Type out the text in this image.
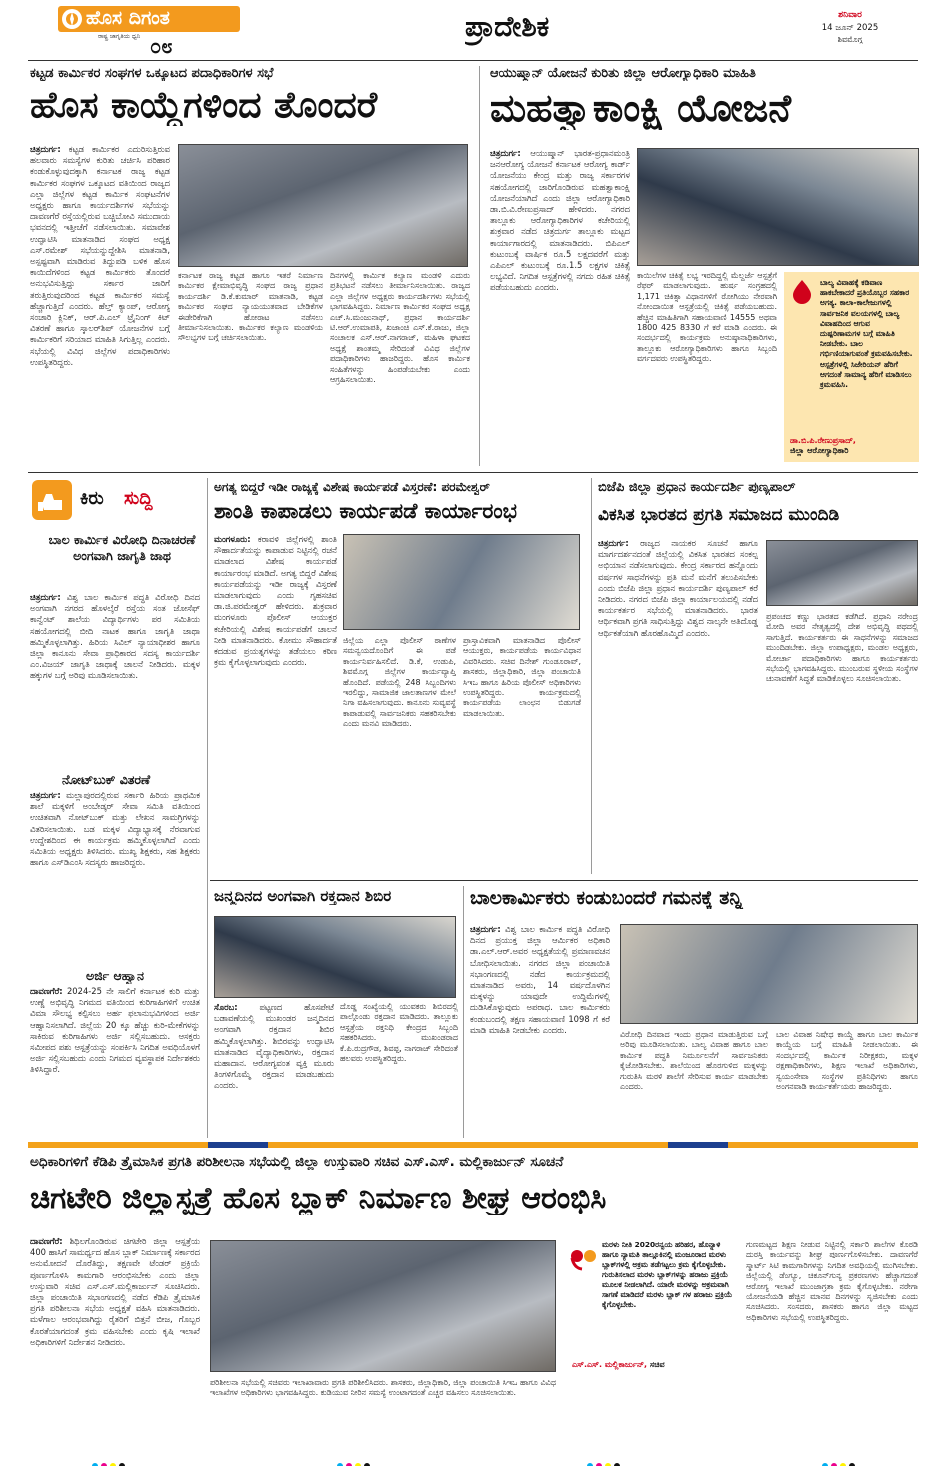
ಹೊಸ ದಿಗಂತ
ರಾಷ್ಟ್ರ ಜಾಗೃತಿಯ ಧ್ವನಿ ೦೮
ಪ್ರಾದೇಶಿಕ	ಶನಿವಾರ
14 ಜೂನ್ 2025
ಶಿವಮೊಗ್ಗ
ಕಟ್ಟಡ ಕಾರ್ಮಿಕರ ಸಂಘಗಳ ಒಕ್ಕೂಟದ ಪದಾಧಿಕಾರಿಗಳ ಸಭೆ
ಹೊಸ ಕಾಯ್ದೆಗಳಿಂದ ತೊಂದರೆ

ಚಿತ್ರದುರ್ಗ: ಕಟ್ಟಡ ಕಾರ್ಮಿಕರ ಎದುರಿಸುತ್ತಿರುವ ಹಲವಾರು ಸಮಸ್ಯೆಗಳ ಕುರಿತು ಚರ್ಚಿಸಿ ಪರಿಹಾರ ಕಂಡುಕೊಳ್ಳುವುದಕ್ಕಾಗಿ ಕರ್ನಾಟಕ ರಾಜ್ಯ ಕಟ್ಟಡ ಕಾರ್ಮಿಕರ ಸಂಘಗಳ ಒಕ್ಕೂಟದ ವತಿಯಿಂದ ರಾಜ್ಯದ ಎಲ್ಲಾ ಜಿಲ್ಲೆಗಳ ಕಟ್ಟಡ ಕಾರ್ಮಿಕ ಸಂಘಟನೆಗಳ ಅಧ್ಯಕ್ಷರು ಹಾಗೂ ಕಾರ್ಯದರ್ಶಿಗಳ ಸಭೆಯನ್ನು ದಾವಣಗೆರೆ ರಸ್ತೆಯಲ್ಲಿರುವ ಬಚ್ಚಿಬೋವಿ ಸಮುದಾಯ ಭವನದಲ್ಲಿ ಇತ್ತೀಚೆಗೆ ನಡೆಸಲಾಯಿತು. ಸಮಾವೇಶ ಉದ್ಘಾಟಿಸಿ ಮಾತನಾಡಿದ ಸಂಘದ ಅಧ್ಯಕ್ಷ ಎಸ್.ರಮೇಶ್ ಸಭೆಯನ್ನುದ್ದೇಶಿಸಿ ಮಾತನಾಡಿ, ಅಸ್ಪಷ್ಟವಾಗಿ ಮಾಡಿರುವ ತಿದ್ದುಪಡಿ ಬಳಿಕ ಹೊಸ ಕಾಯಿದೆಗಳಿಂದ ಕಟ್ಟಡ ಕಾರ್ಮಿಕರು ತೊಂದರೆ ಅನುಭವಿಸುತ್ತಿದ್ದು ಸರ್ಕಾರ ಜಾರಿಗೆ ತರುತ್ತಿರುವುದರಿಂದ ಕಟ್ಟಡ ಕಾರ್ಮಿಕರ ಸಮಸ್ಯೆ ಹೆಚ್ಚಾಗುತ್ತಿದೆ ಎಂದರು. ಹೆಲ್ತ್ ಕ್ಯಾಂಪ್, ಆರೋಗ್ಯ ಸಂಚಾರಿ ಕ್ಲಿನಿಕ್, ಆರ್.ಪಿ.ಎಲ್ ಟ್ರೈನಿಂಗ್ ಕಿಟ್ ವಿತರಣೆ ಹಾಗೂ ಸ್ಕಾಲರ್‌ಶಿಪ್ ಯೋಜನೆಗಳ ಬಗ್ಗೆ ಕಾರ್ಮಿಕರಿಗೆ ಸರಿಯಾದ ಮಾಹಿತಿ ಸಿಗುತ್ತಿಲ್ಲ ಎಂದರು. ಸಭೆಯಲ್ಲಿ ವಿವಿಧ ಜಿಲ್ಲೆಗಳ ಪದಾಧಿಕಾರಿಗಳು ಉಪಸ್ಥಿತರಿದ್ದರು.

ಕರ್ನಾಟಕ ರಾಜ್ಯ ಕಟ್ಟಡ ಹಾಗೂ ಇತರೆ ನಿರ್ಮಾಣ ಕಾರ್ಮಿಕರ ಕ್ಷೇಮಾಭಿವೃದ್ಧಿ ಸಂಘದ ರಾಜ್ಯ ಪ್ರಧಾನ ಕಾರ್ಯದರ್ಶಿ ಡಿ.ಕೆ.ಕುಮಾರ್ ಮಾತನಾಡಿ, ಕಟ್ಟಡ ಕಾರ್ಮಿಕರ ಸಂಘದ ನ್ಯಾಯಯುತವಾದ ಬೇಡಿಕೆಗಳ ಈಡೇರಿಕೆಗಾಗಿ ಹೋರಾಟ ನಡೆಸಲು ತೀರ್ಮಾನಿಸಲಾಯಿತು. ಕಾರ್ಮಿಕರ ಕಲ್ಯಾಣ ಮಂಡಳಿಯ ಸೌಲಭ್ಯಗಳ ಬಗ್ಗೆ ಚರ್ಚಿಸಲಾಯಿತು.
ದಿನಗಳಲ್ಲಿ ಕಾರ್ಮಿಕ ಕಲ್ಯಾಣ ಮಂಡಳಿ ಎದುರು ಪ್ರತಿಭಟನೆ ನಡೆಸಲು ತೀರ್ಮಾನಿಸಲಾಯಿತು. ರಾಜ್ಯದ ಎಲ್ಲಾ ಜಿಲ್ಲೆಗಳ ಅಧ್ಯಕ್ಷರು ಕಾರ್ಯದರ್ಶಿಗಳು ಸಭೆಯಲ್ಲಿ ಭಾಗವಹಿಸಿದ್ದರು. ನಿರ್ಮಾಣ ಕಾರ್ಮಿಕರ ಸಂಘದ ಅಧ್ಯಕ್ಷ ಎಚ್.ಸಿ.ಮಂಜುನಾಥ್, ಪ್ರಧಾನ ಕಾರ್ಯದರ್ಶಿ ಟಿ.ಆರ್.ಉಮಾಪತಿ, ಖಜಾಂಚಿ ಎಸ್.ಕೆ.ರಾಜು, ಜಿಲ್ಲಾ ಸಂಚಾಲಕ ಎಸ್.ಆರ್.ನಾಗರಾಜ್, ಮಹಿಳಾ ಘಟಕದ ಅಧ್ಯಕ್ಷೆ ಶಾಂತಮ್ಮ ಸೇರಿದಂತೆ ವಿವಿಧ ಜಿಲ್ಲೆಗಳ ಪದಾಧಿಕಾರಿಗಳು ಹಾಜರಿದ್ದರು. ಹೊಸ ಕಾರ್ಮಿಕ ಸಂಹಿತೆಗಳನ್ನು ಹಿಂಪಡೆಯಬೇಕು ಎಂದು ಆಗ್ರಹಿಸಲಾಯಿತು.
ಆಯುಷ್ಮಾನ್ ಯೋಜನೆ ಕುರಿತು ಜಿಲ್ಲಾ ಆರೋಗ್ಯಾಧಿಕಾರಿ ಮಾಹಿತಿ
ಮಹತ್ವಾಕಾಂಕ್ಷಿ ಯೋಜನೆ

ಚಿತ್ರದುರ್ಗ: ಆಯುಷ್ಮಾನ್ ಭಾರತ-ಪ್ರಧಾನಮಂತ್ರಿ ಜನಆರೋಗ್ಯ ಯೋಜನೆ ಕರ್ನಾಟಕ ಆರೋಗ್ಯ ಕಾರ್ಡ್ ಯೋಜನೆಯು ಕೇಂದ್ರ ಮತ್ತು ರಾಜ್ಯ ಸರ್ಕಾರಗಳ ಸಹಯೋಗದಲ್ಲಿ ಜಾರಿಗೊಂಡಿರುವ ಮಹತ್ವಾಕಾಂಕ್ಷಿ ಯೋಜನೆಯಾಗಿದೆ ಎಂದು ಜಿಲ್ಲಾ ಆರೋಗ್ಯಾಧಿಕಾರಿ ಡಾ.ಬಿ.ವಿ.ರೇಣುಪ್ರಸಾದ್ ಹೇಳಿದರು. ನಗರದ ತಾಲ್ಲೂಕು ಆರೋಗ್ಯಾಧಿಕಾರಿಗಳ ಕಚೇರಿಯಲ್ಲಿ ಶುಕ್ರವಾರ ನಡೆದ ಚಿತ್ರದುರ್ಗ ತಾಲ್ಲೂಕು ಮಟ್ಟದ ಕಾರ್ಯಾಗಾರದಲ್ಲಿ ಮಾತನಾಡಿದರು. ಬಿಪಿಎಲ್ ಕುಟುಂಬಕ್ಕೆ ವಾರ್ಷಿಕ ರೂ.5 ಲಕ್ಷದವರೆಗೆ ಮತ್ತು ಎಪಿಎಲ್ ಕುಟುಂಬಕ್ಕೆ ರೂ.1.5 ಲಕ್ಷಗಳ ಚಿಕಿತ್ಸೆ ಲಭ್ಯವಿದೆ. ನಿಗದಿತ ಆಸ್ಪತ್ರೆಗಳಲ್ಲಿ ನಗದು ರಹಿತ ಚಿಕಿತ್ಸೆ ಪಡೆಯಬಹುದು ಎಂದರು.

ಕಾಯಿಲೆಗಳ ಚಿಕಿತ್ಸೆ ಲಭ್ಯ ಇರದಿದ್ದಲ್ಲಿ ಮೆಲ್ದರ್ಜೆ ಆಸ್ಪತ್ರೆಗೆ ರೆಫರ್ ಮಾಡಲಾಗುವುದು. ಹುರ್ಷ ಸಂಗ್ರಹದಲ್ಲಿ 1,171 ಚಿಕಿತ್ಸಾ ವಿಧಾನಗಳಿಗೆ ರೋಗಿಯು ನೇರವಾಗಿ ನೋಂದಾಯಿತ ಆಸ್ಪತ್ರೆಯಲ್ಲಿ ಚಿಕಿತ್ಸೆ ಪಡೆಯಬಹುದು. ಹೆಚ್ಚಿನ ಮಾಹಿತಿಗಾಗಿ ಸಹಾಯವಾಣಿ 14555 ಅಥವಾ 1800 425 8330 ಗೆ ಕರೆ ಮಾಡಿ ಎಂದರು. ಈ ಸಂದರ್ಭದಲ್ಲಿ ಕಾರ್ಯಕ್ರಮ ಅನುಷ್ಠಾನಾಧಿಕಾರಿಗಳು, ತಾಲ್ಲೂಕು ಆರೋಗ್ಯಾಧಿಕಾರಿಗಳು ಹಾಗೂ ಸಿಬ್ಬಂದಿ ವರ್ಗದವರು ಉಪಸ್ಥಿತರಿದ್ದರು.
ಬಾಲ್ಯ ವಿವಾಹಕ್ಕೆ ಕಡಿವಾಣ ಹಾಕಬೇಕಾದರೆ ಪ್ರತಿಯೊಬ್ಬರ ಸಹಕಾರ ಅಗತ್ಯ. ಕಾಲಾ-ಕಾಲೇಜುಗಳಲ್ಲಿ ಸಾರ್ವಜನಿಕ ವಲಯಗಳಲ್ಲಿ ಬಾಲ್ಯ ವಿವಾಹದಿಂದ ಆಗುವ ದುಷ್ಪರಿಣಾಮಗಳ ಬಗ್ಗೆ ಮಾಹಿತಿ ನೀಡಬೇಕು. ಬಾಲ ಗರ್ಭಿಣಿಯಾಗುವಂತೆ ಕ್ರಮವಹಿಸಬೇಕು. ಆಸ್ಪತ್ರೆಗಳಲ್ಲಿ ಸಿಜೇರಿಯನ್ ಹೆರಿಗೆ ಆಗದಂತೆ ಸಾಮಾನ್ಯ ಹೆರಿಗೆ ಮಾಡಿಸಲು ಕ್ರಮವಹಿಸಿ.
ಡಾ.ಬಿ.ಪಿ.ರೇಣುಪ್ರಸಾದ್,
ಜಿಲ್ಲಾ ಆರೋಗ್ಯಾಧಿಕಾರಿ
ಕಿರು ಸುದ್ದಿ
ಬಾಲ ಕಾರ್ಮಿಕ ವಿರೋಧಿ ದಿನಾಚರಣೆ ಅಂಗವಾಗಿ ಜಾಗೃತಿ ಜಾಥ

ಚಿತ್ರದುರ್ಗ: ವಿಶ್ವ ಬಾಲ ಕಾರ್ಮಿಕ ಪದ್ಧತಿ ವಿರೋಧಿ ದಿನದ ಅಂಗವಾಗಿ ನಗರದ ಹೊಳಲ್ಕೆರೆ ರಸ್ತೆಯ ಸಂತ ಜೋಸೆಫ್ ಕಾನ್ವೆಂಟ್ ಶಾಲೆಯ ವಿದ್ಯಾರ್ಥಿಗಳು ಪರ ಸಮಿತಿಯ ಸಹಯೋಗದಲ್ಲಿ ಬೀದಿ ನಾಟಕ ಹಾಗೂ ಜಾಗೃತಿ ಜಾಥಾ ಹಮ್ಮಿಕೊಳ್ಳಲಾಗಿತ್ತು. ಹಿರಿಯ ಸಿವಿಲ್ ನ್ಯಾಯಾಧೀಶರ ಹಾಗೂ ಜಿಲ್ಲಾ ಕಾನೂನು ಸೇವಾ ಪ್ರಾಧಿಕಾರದ ಸದಸ್ಯ ಕಾರ್ಯದರ್ಶಿ ಎಂ.ವಿಜಯ್ ಜಾಗೃತಿ ಜಾಥಾಕ್ಕೆ ಚಾಲನೆ ನೀಡಿದರು. ಮಕ್ಕಳ ಹಕ್ಕುಗಳ ಬಗ್ಗೆ ಅರಿವು ಮೂಡಿಸಲಾಯಿತು.

ನೋಟ್‌ಬುಕ್ ವಿತರಣೆ

ಚಿತ್ರದುರ್ಗ: ಮಲ್ಲಾಪುರದಲ್ಲಿರುವ ಸರ್ಕಾರಿ ಹಿರಿಯ ಪ್ರಾಥಮಿಕ ಶಾಲೆ ಮಕ್ಕಳಿಗೆ ಅಂಬೇಡ್ಕರ್ ಸೇವಾ ಸಮಿತಿ ವತಿಯಿಂದ ಉಚಿತವಾಗಿ ನೋಟ್‌ಬುಕ್ ಮತ್ತು ಲೇಖನ ಸಾಮಗ್ರಿಗಳನ್ನು ವಿತರಿಸಲಾಯಿತು. ಬಡ ಮಕ್ಕಳ ವಿದ್ಯಾಭ್ಯಾಸಕ್ಕೆ ನೆರವಾಗುವ ಉದ್ದೇಶದಿಂದ ಈ ಕಾರ್ಯಕ್ರಮ ಹಮ್ಮಿಕೊಳ್ಳಲಾಗಿದೆ ಎಂದು ಸಮಿತಿಯ ಅಧ್ಯಕ್ಷರು ತಿಳಿಸಿದರು. ಮುಖ್ಯ ಶಿಕ್ಷಕರು, ಸಹ ಶಿಕ್ಷಕರು ಹಾಗೂ ಎಸ್‌ಡಿಎಂಸಿ ಸದಸ್ಯರು ಹಾಜರಿದ್ದರು.

ಅರ್ಜಿ ಆಹ್ವಾನ

ದಾವಣಗೆರೆ: 2024-25 ನೇ ಸಾಲಿಗೆ ಕರ್ನಾಟಕ ಕುರಿ ಮತ್ತು ಉಣ್ಣೆ ಅಭಿವೃದ್ಧಿ ನಿಗಮದ ವತಿಯಿಂದ ಕುರಿಗಾಹಿಗಳಿಗೆ ಉಚಿತ ವಿಮಾ ಸೌಲಭ್ಯ ಕಲ್ಪಿಸಲು ಅರ್ಹ ಫಲಾನುಭವಿಗಳಿಂದ ಅರ್ಜಿ ಆಹ್ವಾನಿಸಲಾಗಿದೆ. ಜಿಲ್ಲೆಯ 20 ಕ್ಕೂ ಹೆಚ್ಚು ಕುರಿ-ಮೇಕೆಗಳನ್ನು ಸಾಕಿರುವ ಕುರಿಗಾಹಿಗಳು ಅರ್ಜಿ ಸಲ್ಲಿಸಬಹುದು. ಆಸಕ್ತರು ಸಮೀಪದ ಪಶು ಆಸ್ಪತ್ರೆಯನ್ನು ಸಂಪರ್ಕಿಸಿ ನಿಗದಿತ ಅವಧಿಯೊಳಗೆ ಅರ್ಜಿ ಸಲ್ಲಿಸಬಹುದು ಎಂದು ನಿಗಮದ ವ್ಯವಸ್ಥಾಪಕ ನಿರ್ದೇಶಕರು ತಿಳಿಸಿದ್ದಾರೆ.

ಅಗತ್ಯ ಬಿದ್ದರೆ ಇಡೀ ರಾಜ್ಯಕ್ಕೆ ವಿಶೇಷ ಕಾರ್ಯಪಡೆ ವಿಸ್ತರಣೆ: ಪರಮೇಶ್ವರ್
ಶಾಂತಿ ಕಾಪಾಡಲು ಕಾರ್ಯಪಡೆ ಕಾರ್ಯಾರಂಭ

ಮಂಗಳೂರು: ಕರಾವಳಿ ಜಿಲ್ಲೆಗಳಲ್ಲಿ ಶಾಂತಿ ಸೌಹಾರ್ದತೆಯನ್ನು ಕಾಪಾಡುವ ನಿಟ್ಟಿನಲ್ಲಿ ರಚನೆ ಮಾಡಲಾದ ವಿಶೇಷ ಕಾರ್ಯಪಡೆ ಕಾರ್ಯಾರಂಭ ಮಾಡಿದೆ. ಅಗತ್ಯ ಬಿದ್ದರೆ ವಿಶೇಷ ಕಾರ್ಯಪಡೆಯನ್ನು ಇಡೀ ರಾಜ್ಯಕ್ಕೆ ವಿಸ್ತರಣೆ ಮಾಡಲಾಗುವುದು ಎಂದು ಗೃಹಸಚಿವ ಡಾ.ಜಿ.ಪರಮೇಶ್ವರ್ ಹೇಳಿದರು. ಶುಕ್ರವಾರ ಮಂಗಳೂರು ಪೊಲೀಸ್ ಆಯುಕ್ತರ ಕಚೇರಿಯಲ್ಲಿ ವಿಶೇಷ ಕಾರ್ಯಪಡೆಗೆ ಚಾಲನೆ ನೀಡಿ ಮಾತನಾಡಿದರು. ಕೋಮು ಸೌಹಾರ್ದತೆ ಕದಡುವ ಪ್ರಯತ್ನಗಳನ್ನು ತಡೆಯಲು ಕಠಿಣ ಕ್ರಮ ಕೈಗೊಳ್ಳಲಾಗುವುದು ಎಂದರು.

ಜಿಲ್ಲೆಯ ಎಲ್ಲಾ ಪೊಲೀಸ್ ಠಾಣೆಗಳ ಸಮನ್ವಯದೊಂದಿಗೆ ಈ ಪಡೆ ಕಾರ್ಯನಿರ್ವಹಿಸಲಿದೆ. ಡಿ.ಕೆ, ಉಡುಪಿ, ಶಿವಮೊಗ್ಗ ಜಿಲ್ಲೆಗಳ ಕಾರ್ಯವ್ಯಾಪ್ತಿ ಹೊಂದಿದೆ. ಪಡೆಯಲ್ಲಿ 248 ಸಿಬ್ಬಂದಿಗಳು ಇರಲಿದ್ದು, ಸಾಮಾಜಿಕ ಜಾಲತಾಣಗಳ ಮೇಲೆ ನಿಗಾ ವಹಿಸಲಾಗುವುದು. ಕಾನೂನು ಸುವ್ಯವಸ್ಥೆ ಕಾಪಾಡುವಲ್ಲಿ ಸಾರ್ವಜನಿಕರು ಸಹಕರಿಸಬೇಕು ಎಂದು ಮನವಿ ಮಾಡಿದರು.
ಪ್ರಾಸ್ತಾವಿಕವಾಗಿ ಮಾತನಾಡಿದ ಪೊಲೀಸ್ ಆಯುಕ್ತರು, ಕಾರ್ಯಪಡೆಯ ಕಾರ್ಯವಿಧಾನ ವಿವರಿಸಿದರು. ಸಚಿವ ದಿನೇಶ್ ಗುಂಡೂರಾವ್, ಶಾಸಕರು, ಜಿಲ್ಲಾಧಿಕಾರಿ, ಜಿಲ್ಲಾ ಪಂಚಾಯಿತಿ ಸಿಇಒ ಹಾಗೂ ಹಿರಿಯ ಪೊಲೀಸ್ ಅಧಿಕಾರಿಗಳು ಉಪಸ್ಥಿತರಿದ್ದರು. ಕಾರ್ಯಕ್ರಮದಲ್ಲಿ ಕಾರ್ಯಪಡೆಯ ಲಾಂಛನ ಬಿಡುಗಡೆ ಮಾಡಲಾಯಿತು.
ಬಿಜೆಪಿ ಜಿಲ್ಲಾ ಪ್ರಧಾನ ಕಾರ್ಯದರ್ಶಿ ಪುಣ್ಯಪಾಲ್
ವಿಕಸಿತ ಭಾರತದ ಪ್ರಗತಿ ಸಮಾಜದ ಮುಂದಿಡಿ

ಚಿತ್ರದುರ್ಗ: ರಾಜ್ಯದ ನಾಯಕರ ಸೂಚನೆ ಹಾಗೂ ಮಾರ್ಗದರ್ಶನದಂತೆ ಜಿಲ್ಲೆಯಲ್ಲಿ ವಿಕಸಿತ ಭಾರತದ ಸಂಕಲ್ಪ ಅಭಿಯಾನ ನಡೆಸಲಾಗುವುದು. ಕೇಂದ್ರ ಸರ್ಕಾರದ ಹನ್ನೊಂದು ವರ್ಷಗಳ ಸಾಧನೆಗಳನ್ನು ಪ್ರತಿ ಮನೆ ಮನೆಗೆ ತಲುಪಿಸಬೇಕು ಎಂದು ಬಿಜೆಪಿ ಜಿಲ್ಲಾ ಪ್ರಧಾನ ಕಾರ್ಯದರ್ಶಿ ಪುಣ್ಯಪಾಲ್ ಕರೆ ನೀಡಿದರು. ನಗರದ ಬಿಜೆಪಿ ಜಿಲ್ಲಾ ಕಾರ್ಯಾಲಯದಲ್ಲಿ ನಡೆದ ಕಾರ್ಯಕರ್ತರ ಸಭೆಯಲ್ಲಿ ಮಾತನಾಡಿದರು. ಭಾರತ ಆರ್ಥಿಕವಾಗಿ ಪ್ರಗತಿ ಸಾಧಿಸುತ್ತಿದ್ದು ವಿಶ್ವದ ನಾಲ್ಕನೇ ಅತಿದೊಡ್ಡ ಆರ್ಥಿಕತೆಯಾಗಿ ಹೊರಹೊಮ್ಮಿದೆ ಎಂದರು.

ಪ್ರಪಂಚದ ಕಣ್ಣು ಭಾರತದ ಕಡೆಗಿದೆ. ಪ್ರಧಾನಿ ನರೇಂದ್ರ ಮೋದಿ ಅವರ ನೇತೃತ್ವದಲ್ಲಿ ದೇಶ ಅಭಿವೃದ್ಧಿ ಪಥದಲ್ಲಿ ಸಾಗುತ್ತಿದೆ. ಕಾರ್ಯಕರ್ತರು ಈ ಸಾಧನೆಗಳನ್ನು ಸಮಾಜದ ಮುಂದಿಡಬೇಕು. ಜಿಲ್ಲಾ ಉಪಾಧ್ಯಕ್ಷರು, ಮಂಡಲ ಅಧ್ಯಕ್ಷರು, ಮೋರ್ಚಾ ಪದಾಧಿಕಾರಿಗಳು ಹಾಗೂ ಕಾರ್ಯಕರ್ತರು ಸಭೆಯಲ್ಲಿ ಭಾಗವಹಿಸಿದ್ದರು. ಮುಂಬರುವ ಸ್ಥಳೀಯ ಸಂಸ್ಥೆಗಳ ಚುನಾವಣೆಗೆ ಸಿದ್ಧತೆ ಮಾಡಿಕೊಳ್ಳಲು ಸೂಚಿಸಲಾಯಿತು.
ಜನ್ಮದಿನದ ಅಂಗವಾಗಿ ರಕ್ತದಾನ ಶಿಬಿರ

ಸೊರಬ:	ಪಟ್ಟಣದ ಹೊಸಪೇಟೆ ಬಡಾವಣೆಯಲ್ಲಿ ಮುಖಂಡರ ಜನ್ಮದಿನದ ಅಂಗವಾಗಿ ರಕ್ತದಾನ ಶಿಬಿರ ಹಮ್ಮಿಕೊಳ್ಳಲಾಗಿತ್ತು. ಶಿಬಿರವನ್ನು ಉದ್ಘಾಟಿಸಿ ಮಾತನಾಡಿದ ವೈದ್ಯಾಧಿಕಾರಿಗಳು, ರಕ್ತದಾನ ಮಹಾದಾನ. ಆರೋಗ್ಯವಂತ ವ್ಯಕ್ತಿ ಮೂರು ತಿಂಗಳಿಗೊಮ್ಮೆ ರಕ್ತದಾನ ಮಾಡಬಹುದು ಎಂದರು.

ದೊಡ್ಡ ಸಂಖ್ಯೆಯಲ್ಲಿ ಯುವಕರು ಶಿಬಿರದಲ್ಲಿ ಪಾಲ್ಗೊಂಡು ರಕ್ತದಾನ ಮಾಡಿದರು. ತಾಲ್ಲೂಕು ಆಸ್ಪತ್ರೆಯ ರಕ್ತನಿಧಿ ಕೇಂದ್ರದ ಸಿಬ್ಬಂದಿ ಸಹಕರಿಸಿದರು. ಮುಖಂಡರಾದ ಕೆ.ಪಿ.ರುದ್ರಗೌಡ, ಶಿವಪ್ಪ, ನಾಗರಾಜ್ ಸೇರಿದಂತೆ ಹಲವರು ಉಪಸ್ಥಿತರಿದ್ದರು.
ಬಾಲಕಾರ್ಮಿಕರು ಕಂಡುಬಂದರೆ ಗಮನಕ್ಕೆ ತನ್ನಿ

ಚಿತ್ರದುರ್ಗ: ವಿಶ್ವ ಬಾಲ ಕಾರ್ಮಿಕ ಪದ್ಧತಿ ವಿರೋಧಿ ದಿನದ ಪ್ರಯುಕ್ತ ಜಿಲ್ಲಾ ಆರ್ಮಿಕರ ಅಧಿಕಾರಿ ಡಾ.ಎಲ್.ಆರ್.ಅವರ ಅಧ್ಯಕ್ಷತೆಯಲ್ಲಿ ಪ್ರಮಾಣವಚನ ಬೋಧಿಸಲಾಯಿತು. ನಗರದ ಜಿಲ್ಲಾ ಪಂಚಾಯಿತಿ ಸಭಾಂಗಣದಲ್ಲಿ ನಡೆದ ಕಾರ್ಯಕ್ರಮದಲ್ಲಿ ಮಾತನಾಡಿದ ಅವರು, 14 ವರ್ಷದೊಳಗಿನ ಮಕ್ಕಳನ್ನು ಯಾವುದೇ ಉದ್ದಿಮೆಗಳಲ್ಲಿ ದುಡಿಸಿಕೊಳ್ಳುವುದು ಅಪರಾಧ. ಬಾಲ ಕಾರ್ಮಿಕರು ಕಂಡುಬಂದಲ್ಲಿ ತಕ್ಷಣ ಸಹಾಯವಾಣಿ 1098 ಗೆ ಕರೆ ಮಾಡಿ ಮಾಹಿತಿ ನೀಡಬೇಕು ಎಂದರು.	ವಿರೋಧಿ ದಿನವಾದ ಇಂದು ಪ್ರಧಾನ ಮಾಡುತ್ತಿರುವ ಬಗ್ಗೆ ಅರಿವು ಮೂಡಿಸಲಾಯಿತು. ಬಾಲ್ಯ ವಿವಾಹ ಹಾಗೂ ಬಾಲ ಕಾರ್ಮಿಕ ಪದ್ಧತಿ ನಿರ್ಮೂಲನೆಗೆ ಸಾರ್ವಜನಿಕರು ಕೈಜೋಡಿಸಬೇಕು. ಶಾಲೆಯಿಂದ ಹೊರಗುಳಿದ ಮಕ್ಕಳನ್ನು ಗುರುತಿಸಿ ಮರಳಿ ಶಾಲೆಗೆ ಸೇರಿಸುವ ಕಾರ್ಯ ಮಾಡಬೇಕು ಎಂದರು.
ಬಾಲ ವಿವಾಹ ನಿಷೇಧ ಕಾಯ್ದೆ ಹಾಗೂ ಬಾಲ ಕಾರ್ಮಿಕ ಕಾಯ್ದೆಯ ಬಗ್ಗೆ ಮಾಹಿತಿ ನೀಡಲಾಯಿತು. ಈ ಸಂದರ್ಭದಲ್ಲಿ ಕಾರ್ಮಿಕ ನಿರೀಕ್ಷಕರು, ಮಕ್ಕಳ ರಕ್ಷಣಾಧಿಕಾರಿಗಳು, ಶಿಕ್ಷಣ ಇಲಾಖೆ ಅಧಿಕಾರಿಗಳು, ಸ್ವಯಂಸೇವಾ ಸಂಸ್ಥೆಗಳ ಪ್ರತಿನಿಧಿಗಳು ಹಾಗೂ ಅಂಗನವಾಡಿ ಕಾರ್ಯಕರ್ತೆಯರು ಹಾಜರಿದ್ದರು.
ಅಧಿಕಾರಿಗಳಿಗೆ ಕೆಡಿಪಿ ತ್ರೈಮಾಸಿಕ ಪ್ರಗತಿ ಪರಿಶೀಲನಾ ಸಭೆಯಲ್ಲಿ ಜಿಲ್ಲಾ ಉಸ್ತುವಾರಿ ಸಚಿವ ಎಸ್.ಎಸ್. ಮಲ್ಲಿಕಾರ್ಜುನ್ ಸೂಚನೆ
ಚಿಗಟೇರಿ ಜಿಲ್ಲಾಸ್ಪತ್ರೆ ಹೊಸ ಬ್ಲಾಕ್ ನಿರ್ಮಾಣ ಶೀಘ್ರ ಆರಂಭಿಸಿ

ದಾವಣಗೆರೆ: ಶಿಥಿಲಗೊಂಡಿರುವ ಚಿಗಟೇರಿ ಜಿಲ್ಲಾ ಆಸ್ಪತ್ರೆಯ 400 ಹಾಸಿಗೆ ಸಾಮರ್ಥ್ಯದ ಹೊಸ ಬ್ಲಾಕ್ ನಿರ್ಮಾಣಕ್ಕೆ ಸರ್ಕಾರದ ಅನುಮೋದನೆ ದೊರೆತಿದ್ದು, ತಕ್ಷಣವೇ ಟೆಂಡರ್ ಪ್ರಕ್ರಿಯೆ ಪೂರ್ಣಗೊಳಿಸಿ ಕಾಮಗಾರಿ ಆರಂಭಿಸಬೇಕು ಎಂದು ಜಿಲ್ಲಾ ಉಸ್ತುವಾರಿ ಸಚಿವ ಎಸ್.ಎಸ್.ಮಲ್ಲಿಕಾರ್ಜುನ್ ಸೂಚಿಸಿದರು. ಜಿಲ್ಲಾ ಪಂಚಾಯಿತಿ ಸಭಾಂಗಣದಲ್ಲಿ ನಡೆದ ಕೆಡಿಪಿ ತ್ರೈಮಾಸಿಕ ಪ್ರಗತಿ ಪರಿಶೀಲನಾ ಸಭೆಯ ಅಧ್ಯಕ್ಷತೆ ವಹಿಸಿ ಮಾತನಾಡಿದರು. ಮಳೆಗಾಲ ಆರಂಭವಾಗಿದ್ದು ರೈತರಿಗೆ ಬಿತ್ತನೆ ಬೀಜ, ಗೊಬ್ಬರ ಕೊರತೆಯಾಗದಂತೆ ಕ್ರಮ ವಹಿಸಬೇಕು ಎಂದು ಕೃಷಿ ಇಲಾಖೆ ಅಧಿಕಾರಿಗಳಿಗೆ ನಿರ್ದೇಶನ ನೀಡಿದರು.

ಪರಿಶೀಲನಾ ಸಭೆಯಲ್ಲಿ ಸಚಿವರು ಇಲಾಖಾವಾರು ಪ್ರಗತಿ ಪರಿಶೀಲಿಸಿದರು. ಶಾಸಕರು, ಜಿಲ್ಲಾಧಿಕಾರಿ, ಜಿಲ್ಲಾ ಪಂಚಾಯಿತಿ ಸಿಇಒ ಹಾಗೂ ವಿವಿಧ ಇಲಾಖೆಗಳ ಅಧಿಕಾರಿಗಳು ಭಾಗವಹಿಸಿದ್ದರು. ಕುಡಿಯುವ ನೀರಿನ ಸಮಸ್ಯೆ ಉಂಟಾಗದಂತೆ ಎಚ್ಚರ ವಹಿಸಲು ಸೂಚಿಸಲಾಯಿತು.
ಮರಳು ನೀತಿ 2020ರನ್ವಯ ಹರಿಹರ, ಹೊನ್ನಾಳಿ ಹಾಗೂ ನ್ಯಾಮತಿ ತಾಲ್ಲೂಕಿನಲ್ಲಿ ಮಂಜೂರಾದ ಮರಳು ಬ್ಲಾಕ್‌ಗಳಲ್ಲಿ ಅಕ್ರಮ ತಡೆಗಟ್ಟಲು ಕ್ರಮ ಕೈಗೊಳ್ಳಬೇಕು. ಗುರುತಿಸಲಾದ ಮರಳು ಬ್ಲಾಕ್‌ಗಳನ್ನು ಹರಾಜು ಪ್ರಕ್ರಿಯೆ ಮೂಲಕ ನೀಡಲಾಗಿದೆ. ಯಾರೇ ಮರಳನ್ನು ಅಕ್ರಮವಾಗಿ ಸಾಗಣೆ ಮಾಡಿದರೆ ಮರಳು ಬ್ಲಾಕ್ ಗಳ ಹರಾಜು ಪ್ರಕ್ರಿಯೆ ಕೈಗೊಳ್ಳಬೇಕು.
ಎಸ್.ಎಸ್. ಮಲ್ಲಿಕಾರ್ಜುನ್, ಸಚಿವ
ಗುಣಮಟ್ಟದ ಶಿಕ್ಷಣ ನೀಡುವ ನಿಟ್ಟಿನಲ್ಲಿ ಸರ್ಕಾರಿ ಶಾಲೆಗಳ ಕೊಠಡಿ ದುರಸ್ತಿ ಕಾರ್ಯವನ್ನು ಶೀಘ್ರ ಪೂರ್ಣಗೊಳಿಸಬೇಕು. ದಾವಣಗೆರೆ ಸ್ಮಾರ್ಟ್ ಸಿಟಿ ಕಾಮಗಾರಿಗಳನ್ನು ನಿಗದಿತ ಅವಧಿಯಲ್ಲಿ ಮುಗಿಸಬೇಕು. ಜಿಲ್ಲೆಯಲ್ಲಿ ಡೆಂಗ್ಯೂ, ಚಿಕೂನ್‌ಗುನ್ಯ ಪ್ರಕರಣಗಳು ಹೆಚ್ಚಾಗದಂತೆ ಆರೋಗ್ಯ ಇಲಾಖೆ ಮುಂಜಾಗ್ರತಾ ಕ್ರಮ ಕೈಗೊಳ್ಳಬೇಕು. ನರೇಗಾ ಯೋಜನೆಯಡಿ ಹೆಚ್ಚಿನ ಮಾನವ ದಿನಗಳನ್ನು ಸೃಜಿಸಬೇಕು ಎಂದು ಸೂಚಿಸಿದರು. ಸಂಸದರು, ಶಾಸಕರು ಹಾಗೂ ಜಿಲ್ಲಾ ಮಟ್ಟದ ಅಧಿಕಾರಿಗಳು ಸಭೆಯಲ್ಲಿ ಉಪಸ್ಥಿತರಿದ್ದರು.
